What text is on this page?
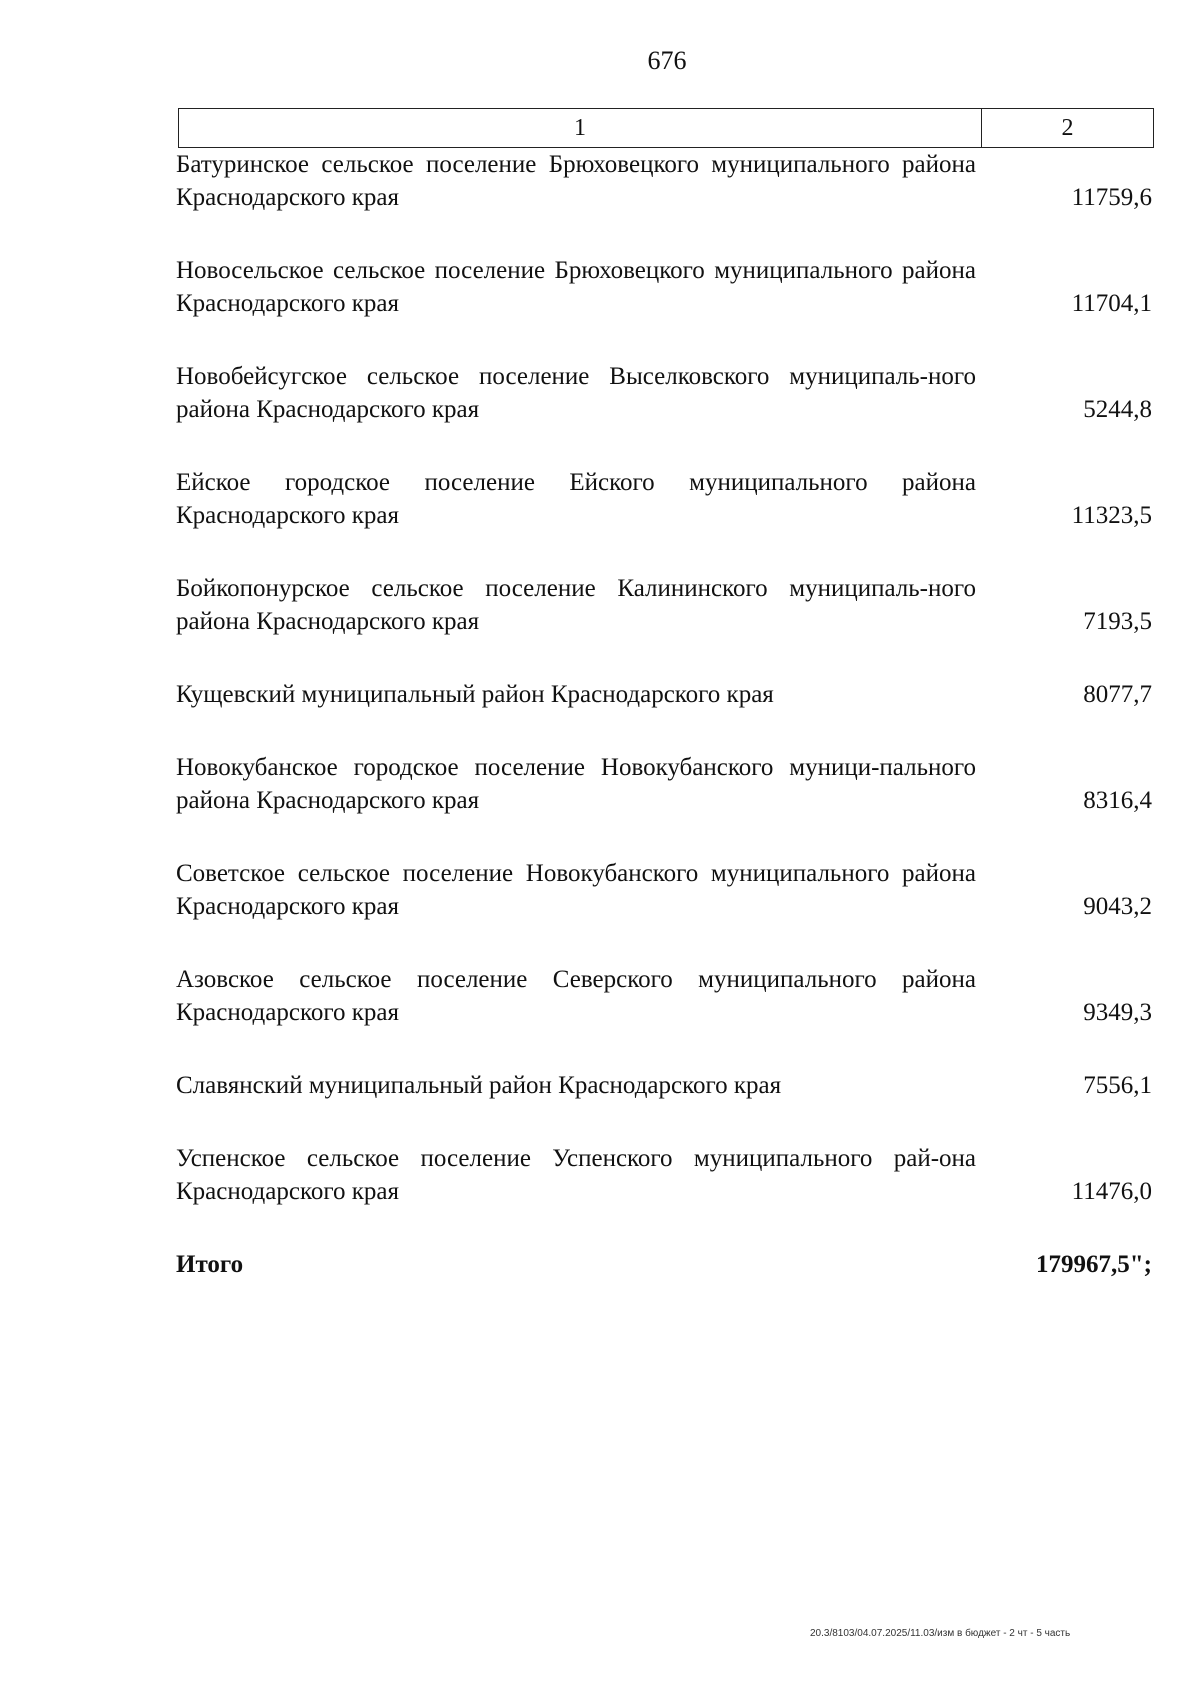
676
1	2
Батуринское сельское поселение Брюховецкого муниципального района Краснодарского края	11759,6
Новосельское сельское поселение Брюховецкого муниципального района Краснодарского края	11704,1
Новобейсугское сельское поселение Выселковского муниципаль-ного района Краснодарского края	5244,8
Ейское городское поселение Ейского муниципального района Краснодарского края	11323,5
Бойкопонурское сельское поселение Калининского муниципаль-ного района Краснодарского края	7193,5
Кущевский муниципальный район Краснодарского края	8077,7
Новокубанское городское поселение Новокубанского муници-пального района Краснодарского края	8316,4
Советское сельское поселение Новокубанского муниципального района Краснодарского края	9043,2
Азовское сельское поселение Северского муниципального района Краснодарского края	9349,3
Славянский муниципальный район Краснодарского края	7556,1
Успенское сельское поселение Успенского муниципального рай-она Краснодарского края	11476,0
Итого	179967,5";
20.3/8103/04.07.2025/11.03/изм в бюджет - 2 чт - 5 часть
